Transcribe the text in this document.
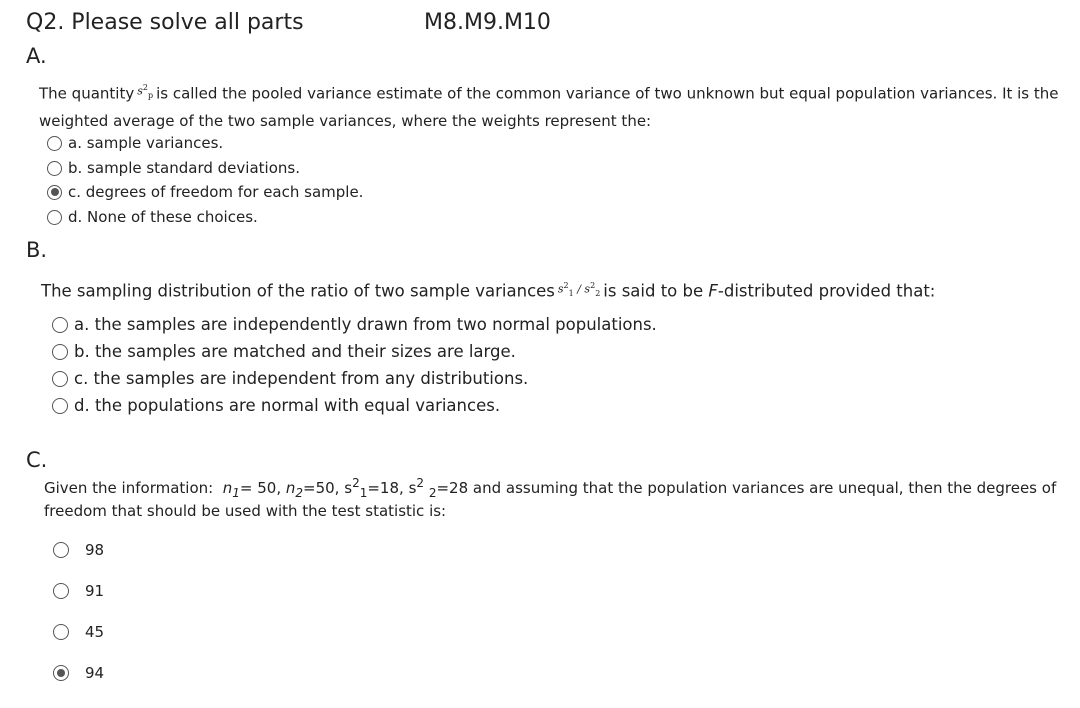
Q2. Please solve all parts	M8.M9.M10
A.
The quantity $s^2_p$ is called the pooled variance estimate of the common variance of two unknown but equal population variances. It is the
weighted average of the two sample variances, where the weights represent the:
a. sample variances.
b. sample standard deviations.
c. degrees of freedom for each sample.
d. None of these choices.
B.
The sampling distribution of the ratio of two sample variances $s^2_1 / s^2_2$ is said to be F-distributed provided that:
a. the samples are independently drawn from two normal populations.
b. the samples are matched and their sizes are large.
c. the samples are independent from any distributions.
d. the populations are normal with equal variances.
C.
Given the information: $n_1= 50$, $n_2=50$, $s^2_1=18$, $s^2$ $_2$=28 and assuming that the population variances are unequal, then the degrees of
freedom that should be used with the test statistic is:
98
91
45
94
